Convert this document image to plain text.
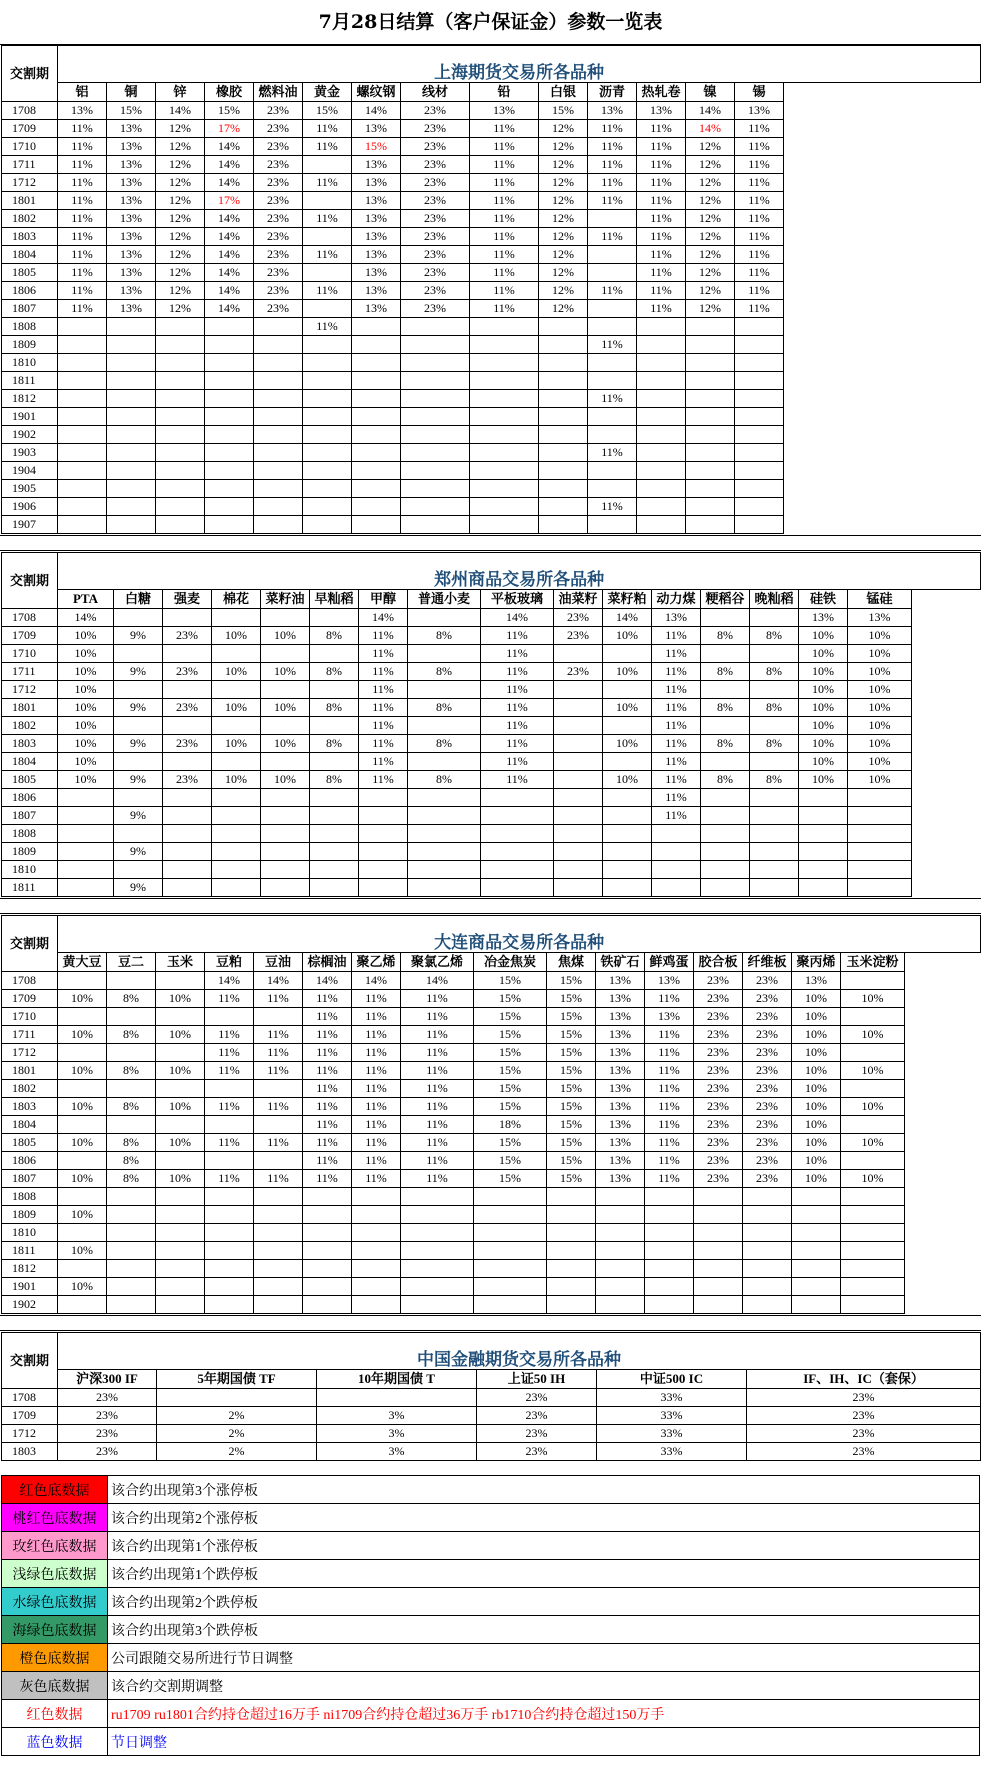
7月28日结算（客户保证金）参数一览表
交割期	上海期货交易所各品种														
	铝	铜	锌	橡胶	燃料油	黄金	螺纹钢	线材	铅	白银	沥青	热轧卷	镍	锡	
1708	13%	15%	14%	15%	23%	15%	14%	23%	13%	15%	13%	13%	14%	13%	
1709	11%	13%	12%	17%	23%	11%	13%	23%	11%	12%	11%	11%	14%	11%	
1710	11%	13%	12%	14%	23%	11%	15%	23%	11%	12%	11%	11%	12%	11%	
1711	11%	13%	12%	14%	23%		13%	23%	11%	12%	11%	11%	12%	11%	
1712	11%	13%	12%	14%	23%	11%	13%	23%	11%	12%	11%	11%	12%	11%	
1801	11%	13%	12%	17%	23%		13%	23%	11%	12%	11%	11%	12%	11%	
1802	11%	13%	12%	14%	23%	11%	13%	23%	11%	12%		11%	12%	11%	
1803	11%	13%	12%	14%	23%		13%	23%	11%	12%	11%	11%	12%	11%	
1804	11%	13%	12%	14%	23%	11%	13%	23%	11%	12%		11%	12%	11%	
1805	11%	13%	12%	14%	23%		13%	23%	11%	12%		11%	12%	11%	
1806	11%	13%	12%	14%	23%	11%	13%	23%	11%	12%	11%	11%	12%	11%	
1807	11%	13%	12%	14%	23%		13%	23%	11%	12%		11%	12%	11%	
1808						11%									
1809											11%				
1810															
1811															
1812											11%				
1901															
1902															
1903											11%				
1904															
1905															
1906											11%				
1907															
交割期	郑州商品交易所各品种																
	PTA	白糖	强麦	棉花	菜籽油	早籼稻	甲醇	普通小麦	平板玻璃	油菜籽	菜籽粕	动力煤	粳稻谷	晚籼稻	硅铁	锰硅	
1708	14%						14%		14%	23%	14%	13%			13%	13%	
1709	10%	9%	23%	10%	10%	8%	11%	8%	11%	23%	10%	11%	8%	8%	10%	10%	
1710	10%						11%		11%			11%			10%	10%	
1711	10%	9%	23%	10%	10%	8%	11%	8%	11%	23%	10%	11%	8%	8%	10%	10%	
1712	10%						11%		11%			11%			10%	10%	
1801	10%	9%	23%	10%	10%	8%	11%	8%	11%		10%	11%	8%	8%	10%	10%	
1802	10%						11%		11%			11%			10%	10%	
1803	10%	9%	23%	10%	10%	8%	11%	8%	11%		10%	11%	8%	8%	10%	10%	
1804	10%						11%		11%			11%			10%	10%	
1805	10%	9%	23%	10%	10%	8%	11%	8%	11%		10%	11%	8%	8%	10%	10%	
1806												11%					
1807		9%										11%					
1808																	
1809		9%															
1810																	
1811		9%															
交割期	大连商品交易所各品种																
	黄大豆	豆二	玉米	豆粕	豆油	棕榈油	聚乙烯	聚氯乙烯	冶金焦炭	焦煤	铁矿石	鲜鸡蛋	胶合板	纤维板	聚丙烯	玉米淀粉	
1708				14%	14%	14%	14%	14%	15%	15%	13%	13%	23%	23%	13%		
1709	10%	8%	10%	11%	11%	11%	11%	11%	15%	15%	13%	11%	23%	23%	10%	10%	
1710						11%	11%	11%	15%	15%	13%	13%	23%	23%	10%		
1711	10%	8%	10%	11%	11%	11%	11%	11%	15%	15%	13%	11%	23%	23%	10%	10%	
1712				11%	11%	11%	11%	11%	15%	15%	13%	11%	23%	23%	10%		
1801	10%	8%	10%	11%	11%	11%	11%	11%	15%	15%	13%	11%	23%	23%	10%	10%	
1802						11%	11%	11%	15%	15%	13%	11%	23%	23%	10%		
1803	10%	8%	10%	11%	11%	11%	11%	11%	15%	15%	13%	11%	23%	23%	10%	10%	
1804						11%	11%	11%	18%	15%	13%	11%	23%	23%	10%		
1805	10%	8%	10%	11%	11%	11%	11%	11%	15%	15%	13%	11%	23%	23%	10%	10%	
1806		8%				11%	11%	11%	15%	15%	13%	11%	23%	23%	10%		
1807	10%	8%	10%	11%	11%	11%	11%	11%	15%	15%	13%	11%	23%	23%	10%	10%	
1808																	
1809	10%																
1810																	
1811	10%																
1812																	
1901	10%																
1902																	
交割期	中国金融期货交易所各品种					
	沪深300 IF	5年期国债 TF	10年期国债 T	上证50 IH	中证500 IC	IF、IH、IC（套保）
1708	23%			23%	33%	23%
1709	23%	2%	3%	23%	33%	23%
1712	23%	2%	3%	23%	33%	23%
1803	23%	2%	3%	23%	33%	23%
红色底数据	该合约出现第3个涨停板
桃红色底数据	该合约出现第2个涨停板
玫红色底数据	该合约出现第1个涨停板
浅绿色底数据	该合约出现第1个跌停板
水绿色底数据	该合约出现第2个跌停板
海绿色底数据	该合约出现第3个跌停板
橙色底数据	公司跟随交易所进行节日调整
灰色底数据	该合约交割期调整
红色数据	ru1709 ru1801合约持仓超过16万手 ni1709合约持仓超过36万手 rb1710合约持仓超过150万手
蓝色数据	节日调整
